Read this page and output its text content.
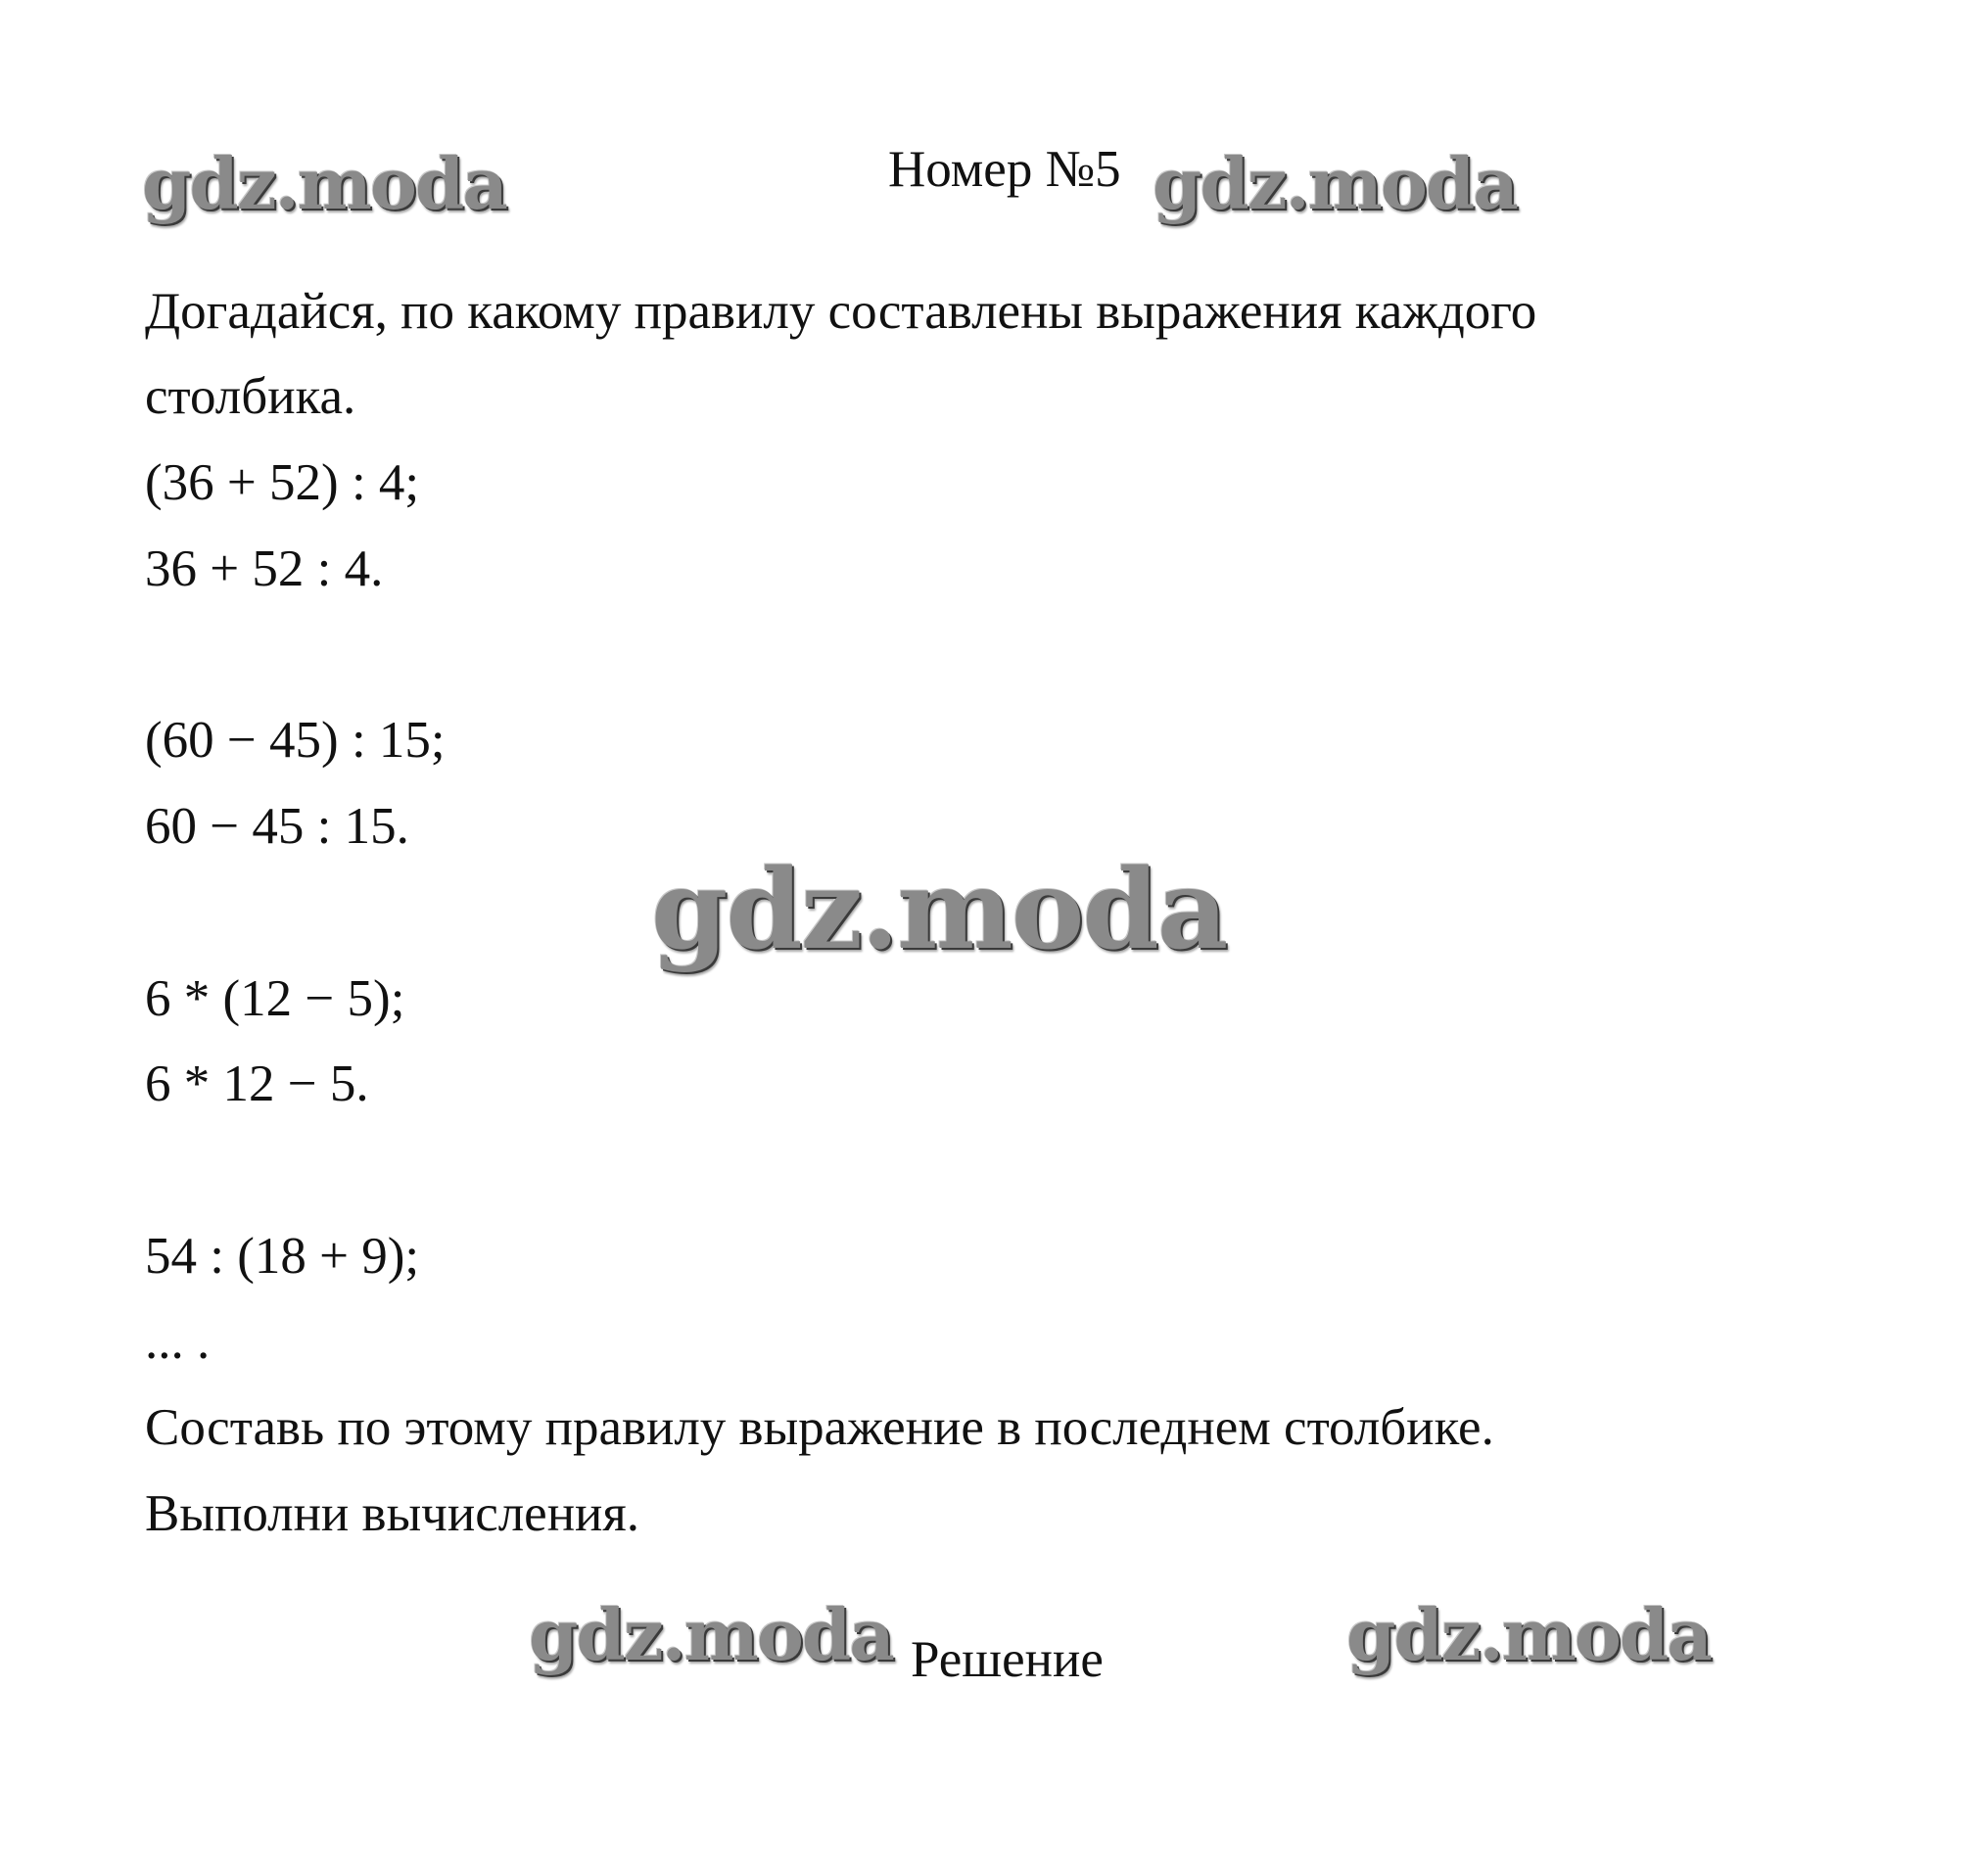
gdz.moda	gdz.moda
gdz.moda
gdz.moda	gdz.moda

Номер №5

Догадайся, по какому правилу составлены выражения каждого

столбика.

(36 + 52) : 4;

36 + 52 : 4.

(60 − 45) : 15;

60 − 45 : 15.

6 * (12 − 5);

6 * 12 − 5.

54 : (18 + 9);

... .

Составь по этому правилу выражение в последнем столбике.

Выполни вычисления.

Решение
